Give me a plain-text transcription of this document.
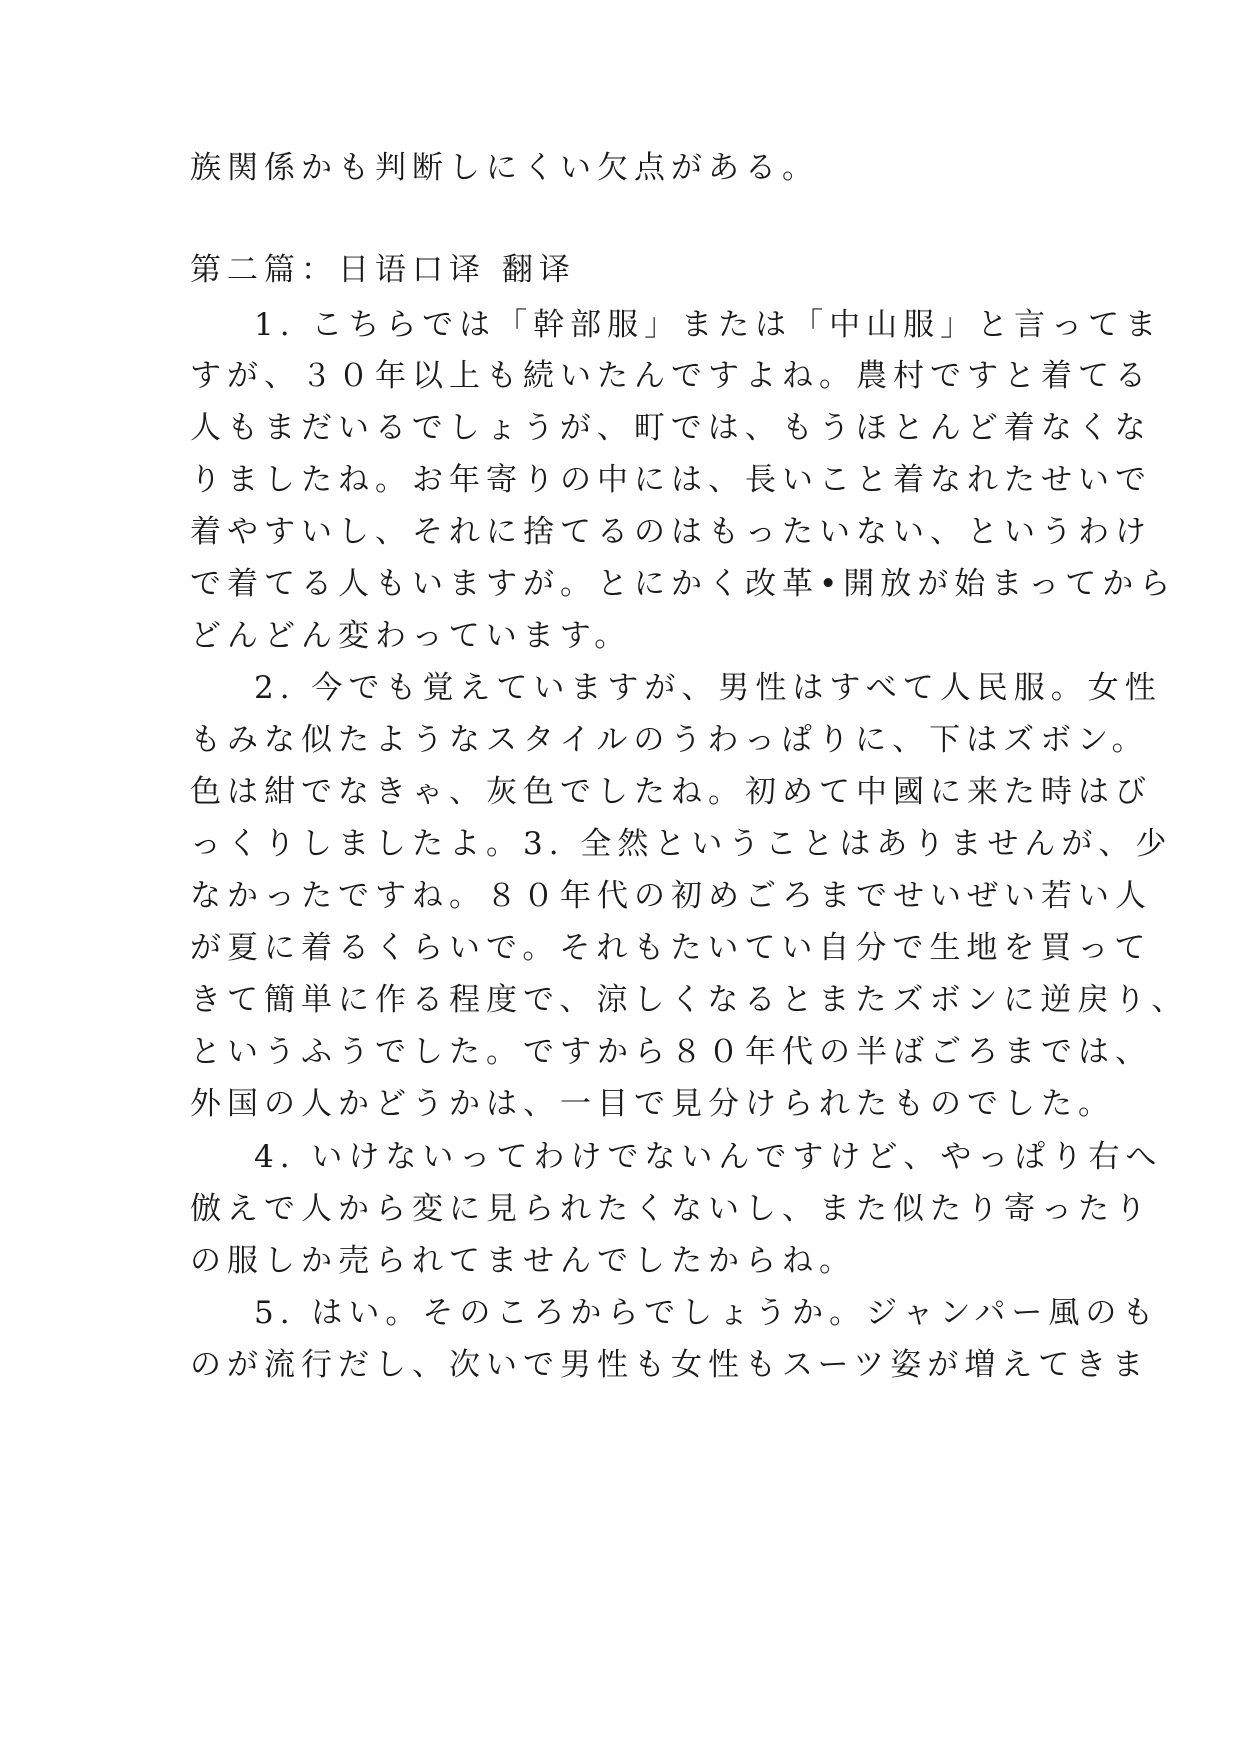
族関係かも判断しにくい欠点がある。
第二篇：日语口译 翻译
1. こちらでは「幹部服」または「中山服」と言ってま
すが、３０年以上も続いたんですよね。農村ですと着てる
人もまだいるでしょうが、町では、もうほとんど着なくな
りましたね。お年寄りの中には、長いこと着なれたせいで
着やすいし、それに捨てるのはもったいない、というわけ
で着てる人もいますが。とにかく改革•開放が始まってから
どんどん変わっています。
2. 今でも覚えていますが、男性はすべて人民服。女性
もみな似たようなスタイルのうわっぱりに、下はズボン。
色は紺でなきゃ、灰色でしたね。初めて中國に来た時はび
っくりしましたよ。3. 全然ということはありませんが、少
なかったですね。８０年代の初めごろまでせいぜい若い人
が夏に着るくらいで。それもたいてい自分で生地を買って
きて簡単に作る程度で、涼しくなるとまたズボンに逆戻り、
というふうでした。ですから８０年代の半ばごろまでは、
外国の人かどうかは、一目で見分けられたものでした。
4. いけないってわけでないんですけど、やっぱり右へ
倣えで人から変に見られたくないし、また似たり寄ったり
の服しか売られてませんでしたからね。
5. はい。そのころからでしょうか。ジャンパー風のも
のが流行だし、次いで男性も女性もスーツ姿が増えてきま
